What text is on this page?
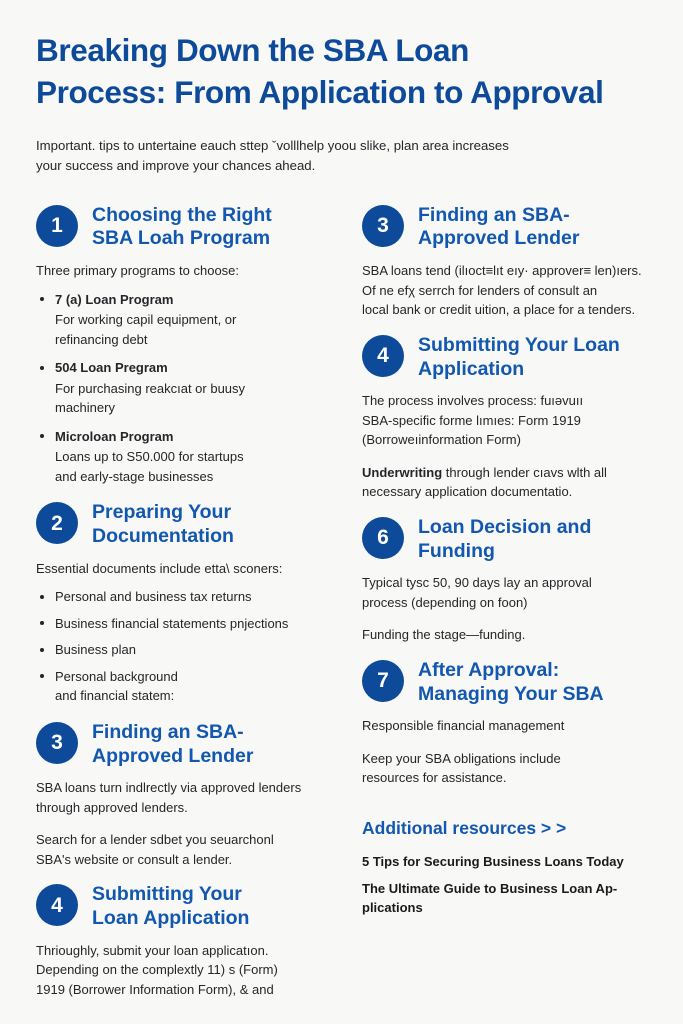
Breaking Down the SBA Loan
Process: From Application to Approval

Important. tips to untertaine eauch sttep ˇvolllhelp yoou slike, plan area increases
your success and improve your chances ahead.

1	Choosing the Right
SBA Loah Program

Three primary programs to choose:

7 (a) Loan Program
For working capil equipment, or
refinancing debt
504 Loan Pregram
For purchasing reakcıat or buusy
machinery
Microloan Program
Loans up to S50.000 for startups
and early-stage businesses
2	Preparing Your
Documentation

Essential documents include etta\ sconers:

Personal and business tax returns
Business financial statements pnjections
Business plan
Personal background
and financial statem:
3	Finding an SBA-
Approved Lender

SBA loans turn indlrectly via approved lenders
through approved lenders.

Search for a lender sdbet you seuarchonl
SBA's website or consult a lender.

4	Submitting Your
Loan Application

Thrioughly, submit your loan applicatıon.
Depending on the complextly 11) s (Form)
1919 (Borrower Information Form), & and

3	Finding an SBA-
Approved Lender

SBA loans tend (ilıoct≡lıt eıy· approver≡ len)ıers.
Of ne efχ serrch for lenders of consult an
local bank or credit uition, a place for a tenders.

4	Submitting Your Loan
Application

The process involves process: fuıəvuıı
SBA-specific forme lımıеs: Form 1919
(Borroweıinformation Form)

Underwriting through lender cıаvs wlth all
necessary application documentatio.

6	Loan Decision and
Funding

Typical tysc 50, 90 days lay an approval
process (depending on foon)

Funding the stage—funding.

7	After Approval:
Managing Your SBA

Responsible financial management

Keep your SBA obligations include
resources for assistance.

Additional resources > >
5 Tips for Securing Business Loans Today
The Ultimate Guide to Business Loan Ap-
plications
